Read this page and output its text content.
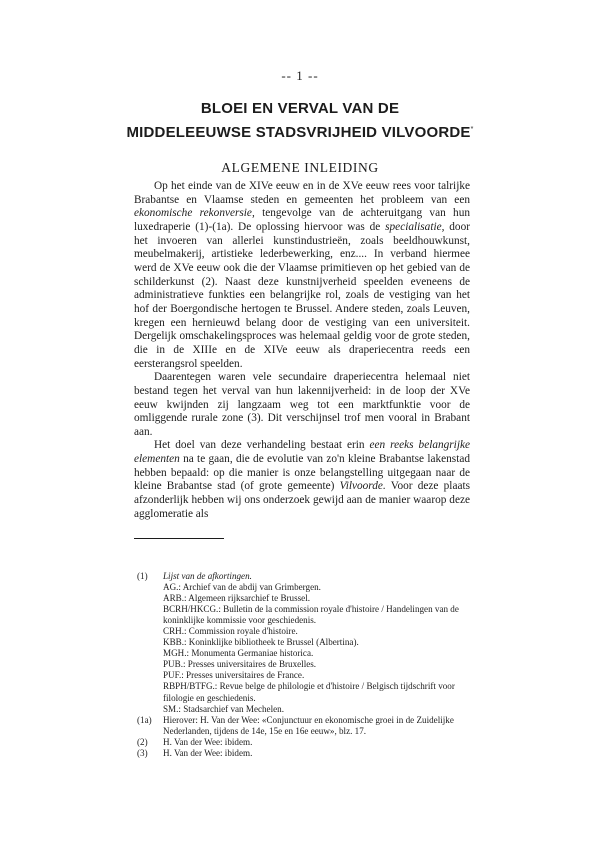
-- 1 --
BLOEI EN VERVAL VAN DE
MIDDELEEUWSE STADSVRIJHEID VILVOORDE*
ALGEMENE INLEIDING

Op het einde van de XIVe eeuw en in de XVe eeuw rees voor talrijke Brabantse en Vlaamse steden en gemeenten het probleem van een ekonomische rekonversie, tengevolge van de achteruitgang van hun luxedraperie (1)-(1a). De oplossing hiervoor was de specialisatie, door het invoeren van allerlei kunstindustrieën, zoals beeldhouwkunst, meubelmakerij, artistieke lederbewerking, enz.... In verband hiermee werd de XVe eeuw ook die der Vlaamse primitieven op het gebied van de schilderkunst (2). Naast deze kunstnijverheid speelden eveneens de administratieve funkties een belangrijke rol, zoals de vestiging van het hof der Boergondische hertogen te Brussel. Andere steden, zoals Leuven, kregen een hernieuwd belang door de vestiging van een universiteit. Dergelijk omschakelingsproces was helemaal geldig voor de grote steden, die in de XIIIe en de XIVe eeuw als draperiecentra reeds een eersterangsrol speelden.

Daarentegen waren vele secundaire draperiecentra helemaal niet bestand tegen het verval van hun lakennijverheid: in de loop der XVe eeuw kwijnden zij langzaam weg tot een marktfunktie voor de omliggende rurale zone (3). Dit verschijnsel trof men vooral in Brabant aan.

Het doel van deze verhandeling bestaat erin een reeks belangrijke elementen na te gaan, die de evolutie van zo'n kleine Brabantse lakenstad hebben bepaald: op die manier is onze belangstelling uitgegaan naar de kleine Brabantse stad (of grote gemeente) Vilvoorde. Voor deze plaats afzonderlijk hebben wij ons onderzoek gewijd aan de manier waarop deze agglomeratie als

(1)	Lijst van de afkortingen.
AG.: Archief van de abdij van Grimbergen.
ARB.: Algemeen rijksarchief te Brussel.
BCRH/HKCG.: Bulletin de la commission royale d'histoire / Handelingen van de koninklijke kommissie voor geschiedenis.
CRH.: Commission royale d'histoire.
KBB.: Koninklijke bibliotheek te Brussel (Albertina).
MGH.: Monumenta Germaniae historica.
PUB.: Presses universitaires de Bruxelles.
PUF.: Presses universitaires de France.
RBPH/BTFG.: Revue belge de philologie et d'histoire / Belgisch tijdschrift voor filologie en geschiedenis.
SM.: Stadsarchief van Mechelen.
(1a)	Hierover: H. Van der Wee: «Conjunctuur en ekonomische groei in de Zuidelijke Nederlanden, tijdens de 14e, 15e en 16e eeuw», blz. 17.
(2)	H. Van der Wee: ibidem.
(3)	H. Van der Wee: ibidem.
